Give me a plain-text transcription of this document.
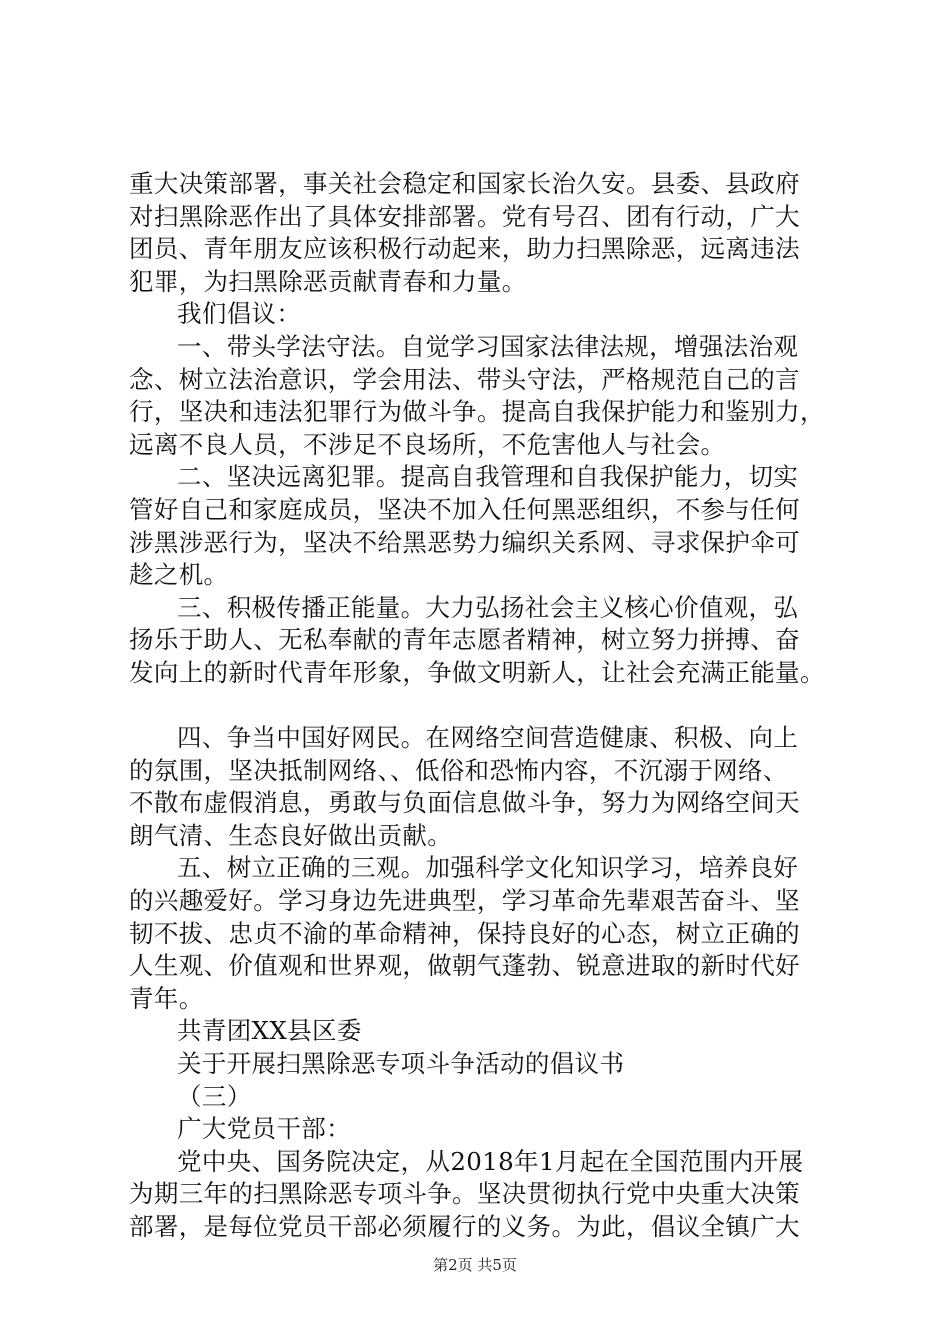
重大决策部署，事关社会稳定和国家长治久安。县委、县政府
对扫黑除恶作出了具体安排部署。党有号召、团有行动，广大
团员、青年朋友应该积极行动起来，助力扫黑除恶，远离违法
犯罪，为扫黑除恶贡献青春和力量。
我们倡议：
一、带头学法守法。自觉学习国家法律法规，增强法治观
念、树立法治意识，学会用法、带头守法，严格规范自己的言
行，坚决和违法犯罪行为做斗争。提高自我保护能力和鉴别力，
远离不良人员，不涉足不良场所，不危害他人与社会。
二、坚决远离犯罪。提高自我管理和自我保护能力，切实
管好自己和家庭成员，坚决不加入任何黑恶组织，不参与任何
涉黑涉恶行为，坚决不给黑恶势力编织关系网、寻求保护伞可
趁之机。
三、积极传播正能量。大力弘扬社会主义核心价值观，弘
扬乐于助人、无私奉献的青年志愿者精神，树立努力拼搏、奋
发向上的新时代青年形象，争做文明新人，让社会充满正能量。
四、争当中国好网民。在网络空间营造健康、积极、向上
的氛围，坚决抵制网络、、低俗和恐怖内容，不沉溺于网络、
不散布虚假消息，勇敢与负面信息做斗争，努力为网络空间天
朗气清、生态良好做出贡献。
五、树立正确的三观。加强科学文化知识学习，培养良好
的兴趣爱好。学习身边先进典型，学习革命先辈艰苦奋斗、坚
韧不拔、忠贞不渝的革命精神，保持良好的心态，树立正确的
人生观、价值观和世界观，做朝气蓬勃、锐意进取的新时代好
青年。
共青团XX县区委
关于开展扫黑除恶专项斗争活动的倡议书
（三）
广大党员干部：
党中央、国务院决定，从2018年1月起在全国范围内开展
为期三年的扫黑除恶专项斗争。坚决贯彻执行党中央重大决策
部署，是每位党员干部必须履行的义务。为此，倡议全镇广大
第2页 共5页
